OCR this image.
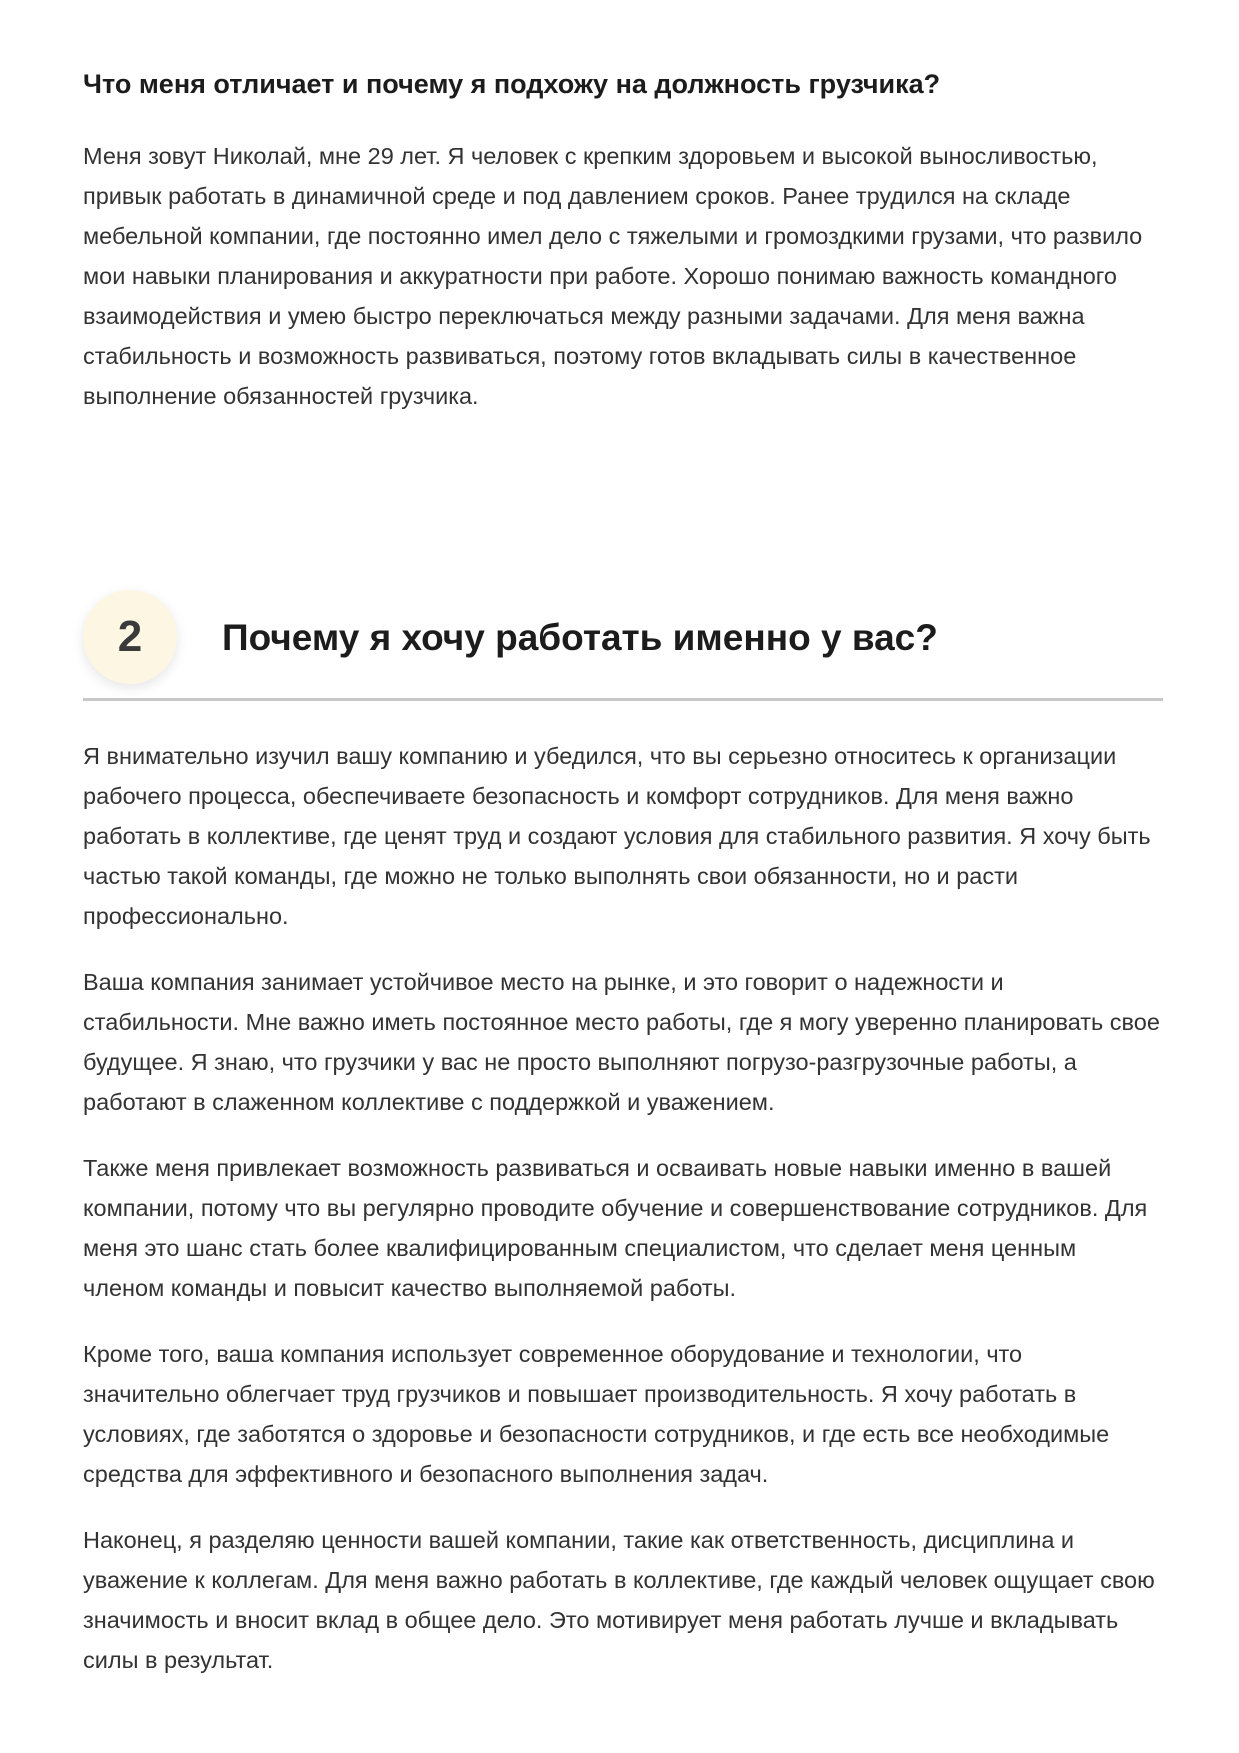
Что меня отличает и почему я подхожу на должность грузчика?

Меня зовут Николай, мне 29 лет. Я человек с крепким здоровьем и высокой выносливостью, привык работать в динамичной среде и под давлением сроков. Ранее трудился на складе мебельной компании, где постоянно имел дело с тяжелыми и громоздкими грузами, что развило мои навыки планирования и аккуратности при работе. Хорошо понимаю важность командного взаимодействия и умею быстро переключаться между разными задачами. Для меня важна стабильность и возможность развиваться, поэтому готов вкладывать силы в качественное выполнение обязанностей грузчика.

2	Почему я хочу работать именно у вас?

Я внимательно изучил вашу компанию и убедился, что вы серьезно относитесь к организации рабочего процесса, обеспечиваете безопасность и комфорт сотрудников. Для меня важно работать в коллективе, где ценят труд и создают условия для стабильного развития. Я хочу быть частью такой команды, где можно не только выполнять свои обязанности, но и расти профессионально.

Ваша компания занимает устойчивое место на рынке, и это говорит о надежности и стабильности. Мне важно иметь постоянное место работы, где я могу уверенно планировать свое будущее. Я знаю, что грузчики у вас не просто выполняют погрузо-разгрузочные работы, а работают в слаженном коллективе с поддержкой и уважением.

Также меня привлекает возможность развиваться и осваивать новые навыки именно в вашей компании, потому что вы регулярно проводите обучение и совершенствование сотрудников. Для меня это шанс стать более квалифицированным специалистом, что сделает меня ценным членом команды и повысит качество выполняемой работы.

Кроме того, ваша компания использует современное оборудование и технологии, что значительно облегчает труд грузчиков и повышает производительность. Я хочу работать в условиях, где заботятся о здоровье и безопасности сотрудников, и где есть все необходимые средства для эффективного и безопасного выполнения задач.

Наконец, я разделяю ценности вашей компании, такие как ответственность, дисциплина и уважение к коллегам. Для меня важно работать в коллективе, где каждый человек ощущает свою значимость и вносит вклад в общее дело. Это мотивирует меня работать лучше и вкладывать силы в результат.
